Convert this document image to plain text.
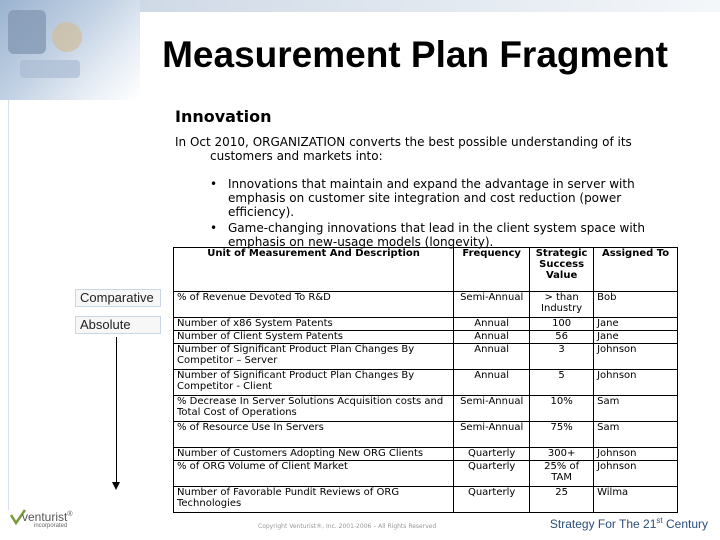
Measurement Plan Fragment
Innovation
In Oct 2010, ORGANIZATION converts the best possible understanding of its
customers and markets into:
• Innovations that maintain and expand the advantage in server with emphasis on customer site integration and cost reduction (power efficiency).
• Game-changing innovations that lead in the client system space with emphasis on new-usage models (longevity).
Unit of Measurement And Description	Frequency	Strategic Success Value	Assigned To
% of Revenue Devoted To R&D	Semi-Annual	> than Industry	Bob
Number of x86 System Patents	Annual	100	Jane
Number of Client System Patents	Annual	56	Jane
Number of Significant Product Plan Changes By Competitor – Server	Annual	3	Johnson
Number of Significant Product Plan Changes By Competitor - Client	Annual	5	Johnson
% Decrease In Server Solutions Acquisition costs and Total Cost of Operations	Semi-Annual	10%	Sam
% of Resource Use In Servers	Semi-Annual	75%	Sam
Number of Customers Adopting New ORG Clients	Quarterly	300+	Johnson
% of ORG Volume of Client Market	Quarterly	25% of TAM	Johnson
Number of Favorable Pundit Reviews of ORG Technologies	Quarterly	25	Wilma
Comparative
Absolute
venturist®
incorporated	Copyright Venturist®, Inc. 2001-2006 – All Rights Reserved	Strategy For The 21st Century
